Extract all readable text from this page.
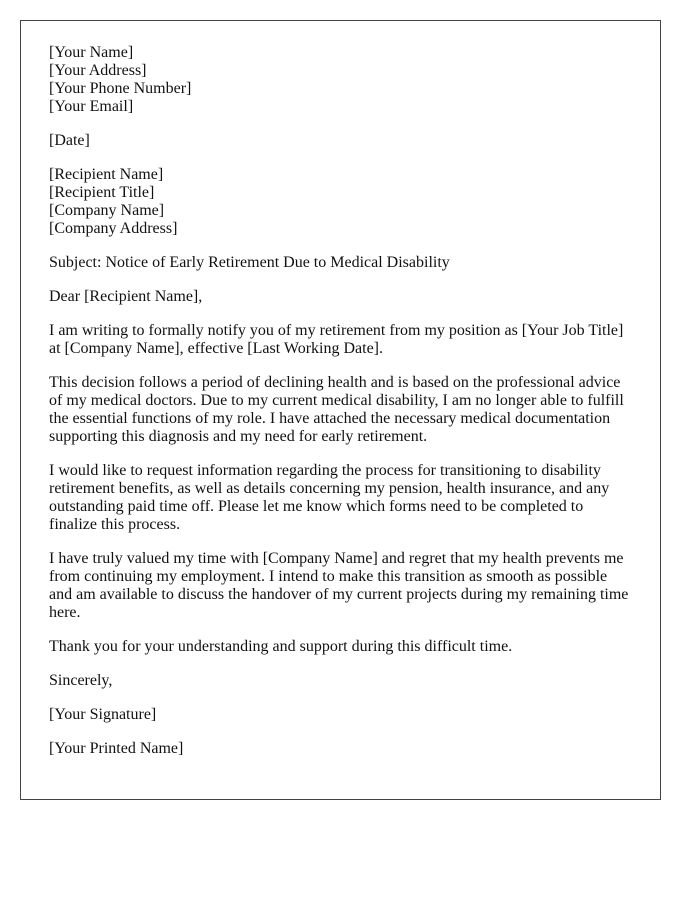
[Your Name]
[Your Address]
[Your Phone Number]
[Your Email]

[Date]

[Recipient Name]
[Recipient Title]
[Company Name]
[Company Address]

Subject: Notice of Early Retirement Due to Medical Disability

Dear [Recipient Name],

I am writing to formally notify you of my retirement from my position as [Your Job Title] at [Company Name], effective [Last Working Date].

This decision follows a period of declining health and is based on the professional advice of my medical doctors. Due to my current medical disability, I am no longer able to fulfill the essential functions of my role. I have attached the necessary medical documentation supporting this diagnosis and my need for early retirement.

I would like to request information regarding the process for transitioning to disability retirement benefits, as well as details concerning my pension, health insurance, and any outstanding paid time off. Please let me know which forms need to be completed to finalize this process.

I have truly valued my time with [Company Name] and regret that my health prevents me from continuing my employment. I intend to make this transition as smooth as possible and am available to discuss the handover of my current projects during my remaining time here.

Thank you for your understanding and support during this difficult time.

Sincerely,

[Your Signature]

[Your Printed Name]
